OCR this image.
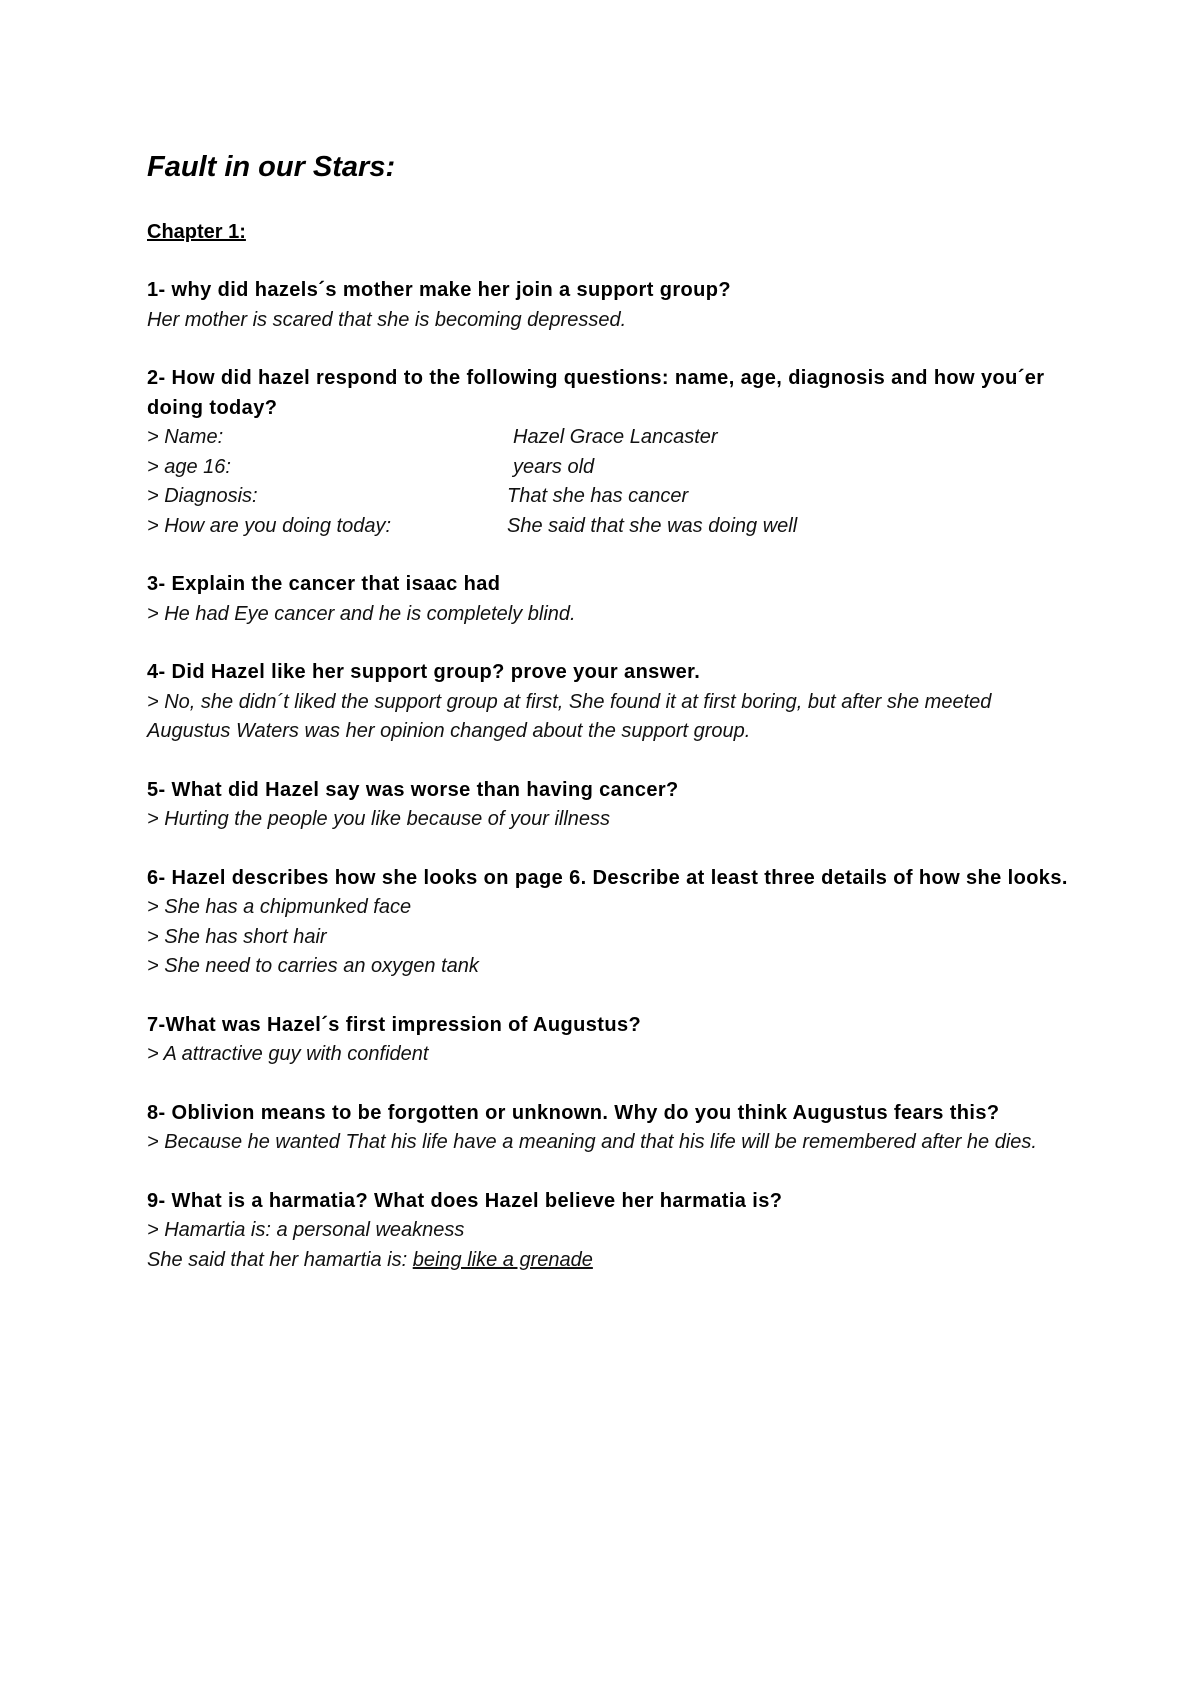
Fault in our Stars:
Chapter 1:
1- why did hazels´s mother make her join a support group?
Her mother is scared that she is becoming depressed.
2- How did hazel respond to the following questions: name, age, diagnosis and how you´er doing today?
> Name:	Hazel Grace Lancaster
> age 16:	years old
> Diagnosis:	That she has cancer
> How are you doing today:	She said that she was doing well
3- Explain the cancer that isaac had
> He had Eye cancer and he is completely blind.
4- Did Hazel like her support group? prove your answer.
> No, she didn´t liked the support group at first, She found it at first boring, but after she meeted Augustus Waters was her opinion changed about the support group.
5- What did Hazel say was worse than having cancer?
> Hurting the people you like because of your illness
6- Hazel describes how she looks on page 6. Describe at least three details of how she looks.
> She has a chipmunked face
> She has short hair
> She need to carries an oxygen tank
7-What was Hazel´s first impression of Augustus?
> A attractive guy with confident
8- Oblivion means to be forgotten or unknown. Why do you think Augustus fears this?
> Because he wanted That his life have a meaning and that his life will be remembered after he dies.
9- What is a harmatia? What does Hazel believe her harmatia is?
> Hamartia is: a personal weakness
She said that her hamartia is: being like a grenade
